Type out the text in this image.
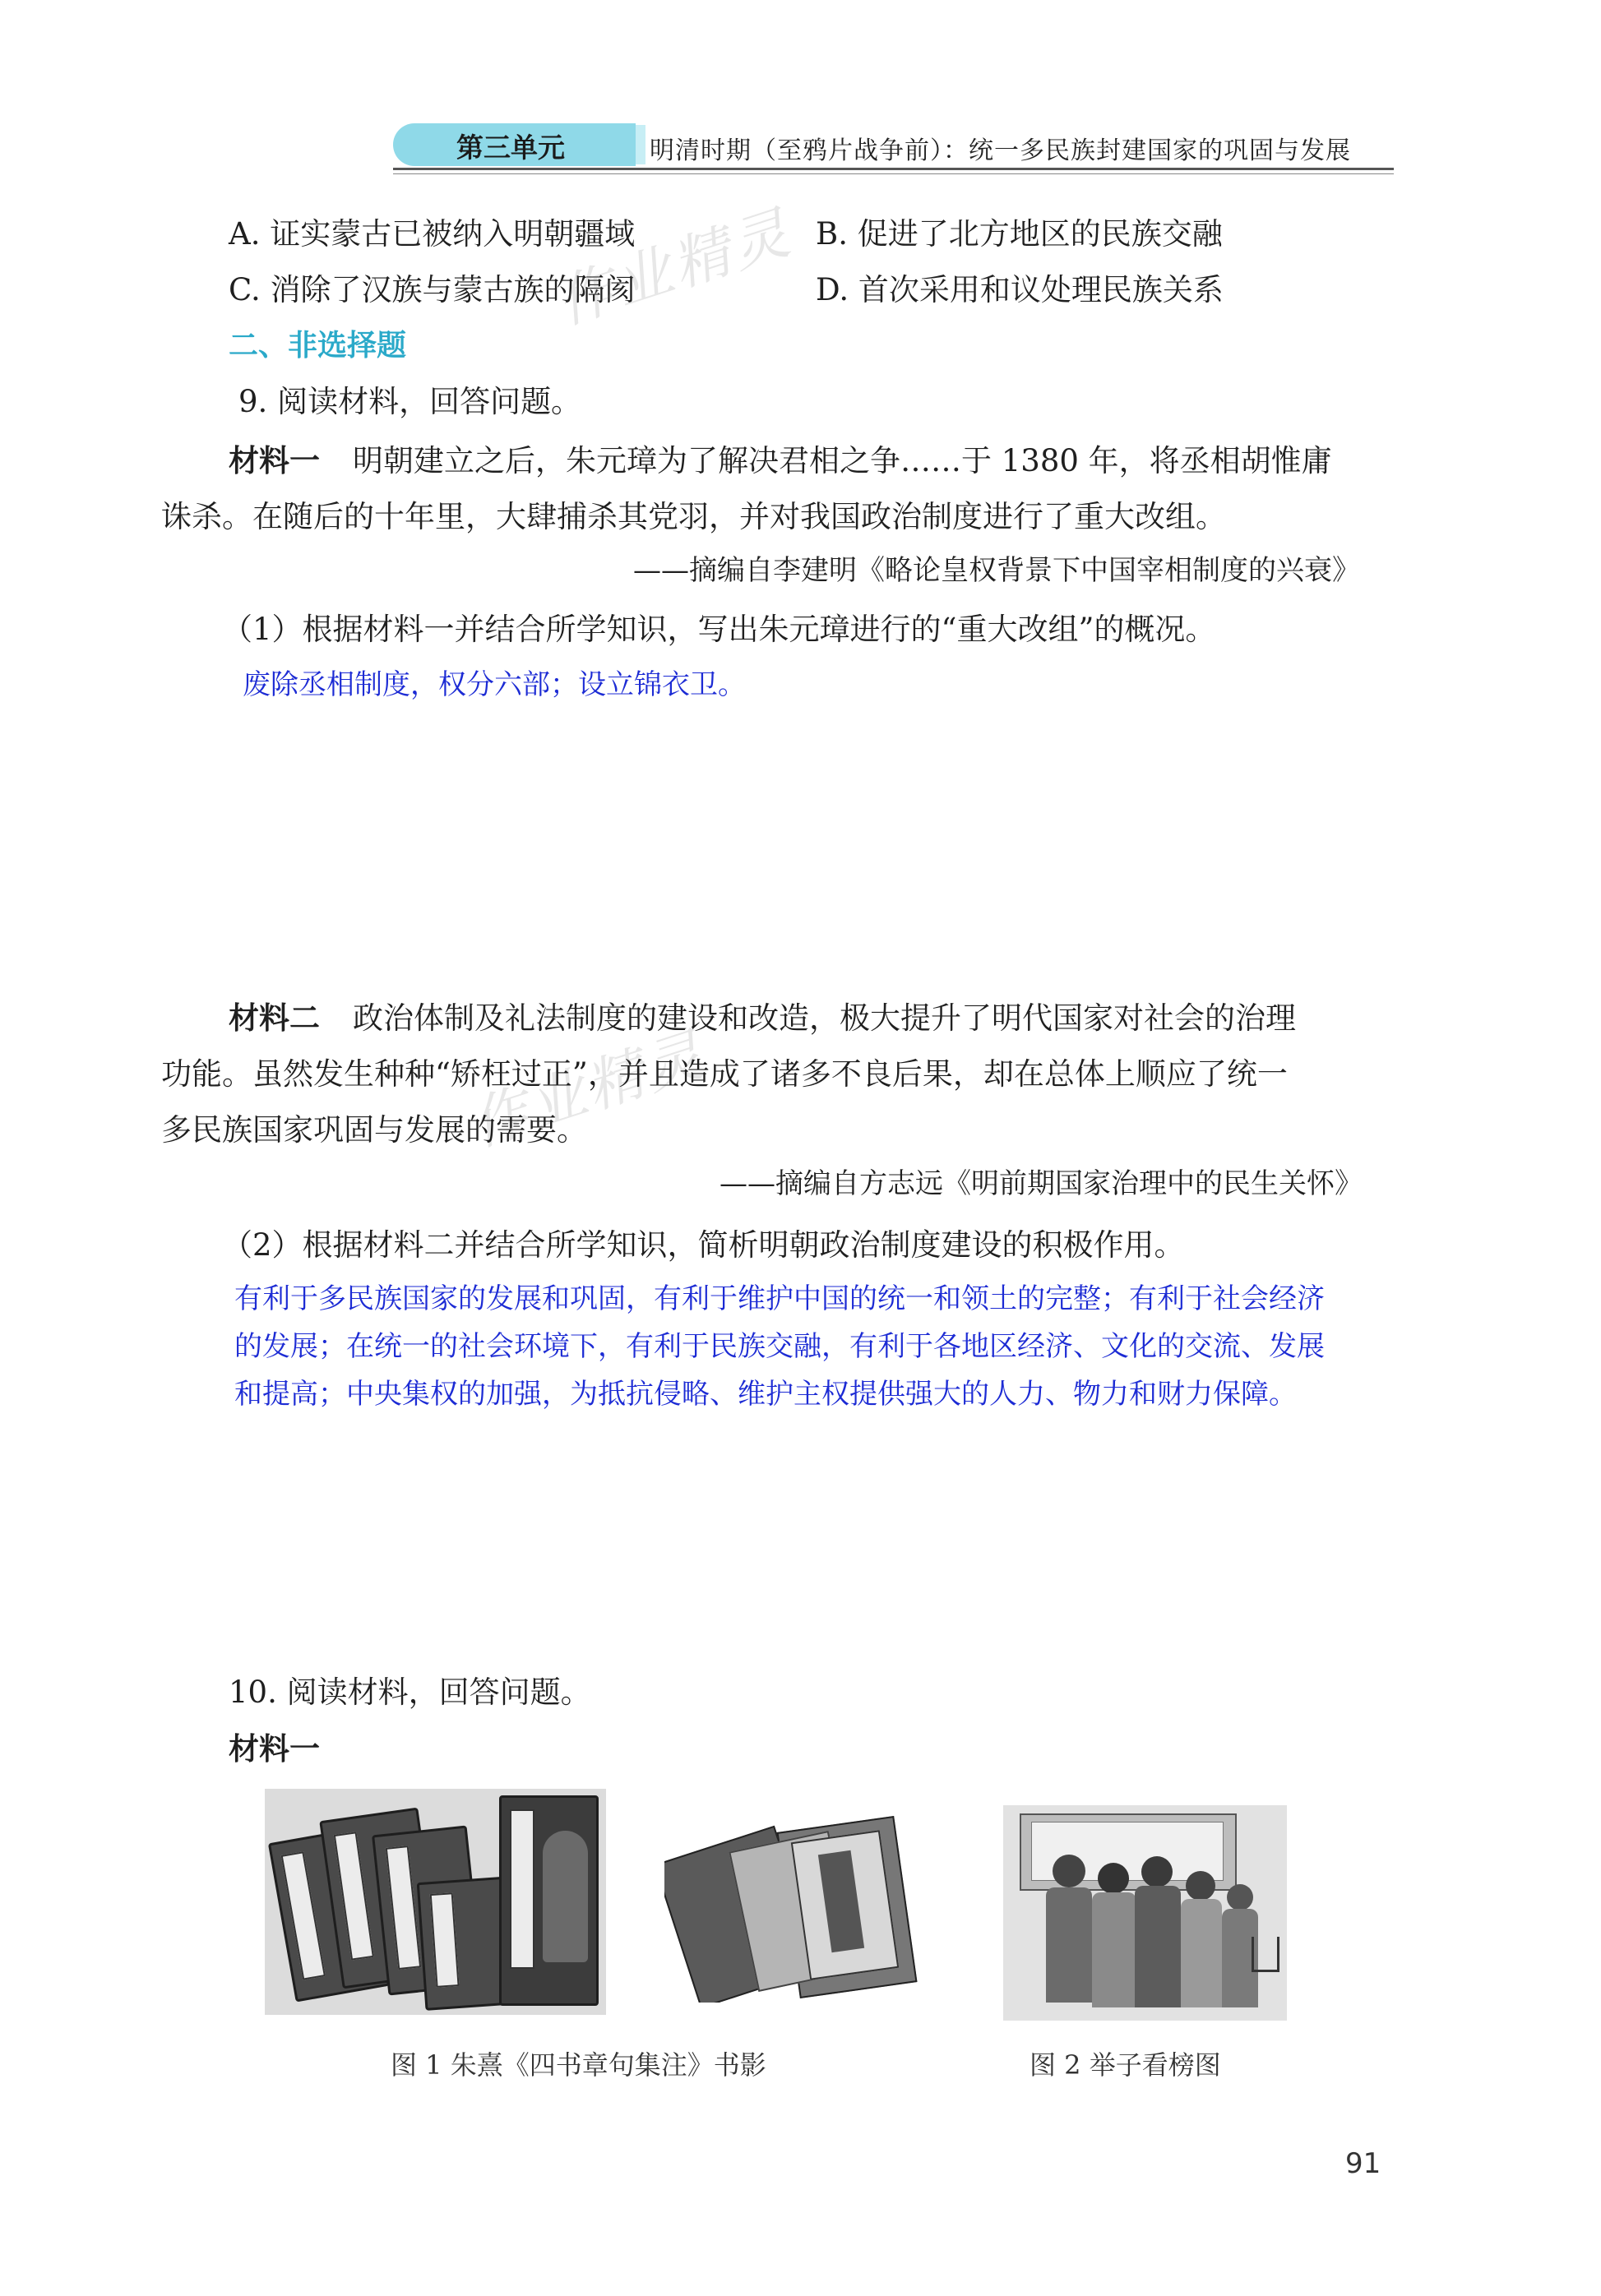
第三单元	明清时期（至鸦片战争前）：统一多民族封建国家的巩固与发展
A. 证实蒙古已被纳入明朝疆域	B. 促进了北方地区的民族交融
C. 消除了汉族与蒙古族的隔阂	D. 首次采用和议处理民族关系
作业精灵
作业精灵
二、非选择题
9. 阅读材料，回答问题。
材料一 明朝建立之后，朱元璋为了解决君相之争……于 1380 年，将丞相胡惟庸
诛杀。在随后的十年里，大肆捕杀其党羽，并对我国政治制度进行了重大改组。
——摘编自李建明《略论皇权背景下中国宰相制度的兴衰》
（1）根据材料一并结合所学知识，写出朱元璋进行的“重大改组”的概况。
废除丞相制度，权分六部；设立锦衣卫。
材料二 政治体制及礼法制度的建设和改造，极大提升了明代国家对社会的治理
功能。虽然发生种种“矫枉过正”，并且造成了诸多不良后果，却在总体上顺应了统一
多民族国家巩固与发展的需要。
——摘编自方志远《明前期国家治理中的民生关怀》
（2）根据材料二并结合所学知识，简析明朝政治制度建设的积极作用。
有利于多民族国家的发展和巩固，有利于维护中国的统一和领土的完整；有利于社会经济
的发展；在统一的社会环境下，有利于民族交融，有利于各地区经济、文化的交流、发展
和提高；中央集权的加强，为抵抗侵略、维护主权提供强大的人力、物力和财力保障。
10. 阅读材料，回答问题。
材料一
图 1 朱熹《四书章句集注》书影	图 2 举子看榜图
91
